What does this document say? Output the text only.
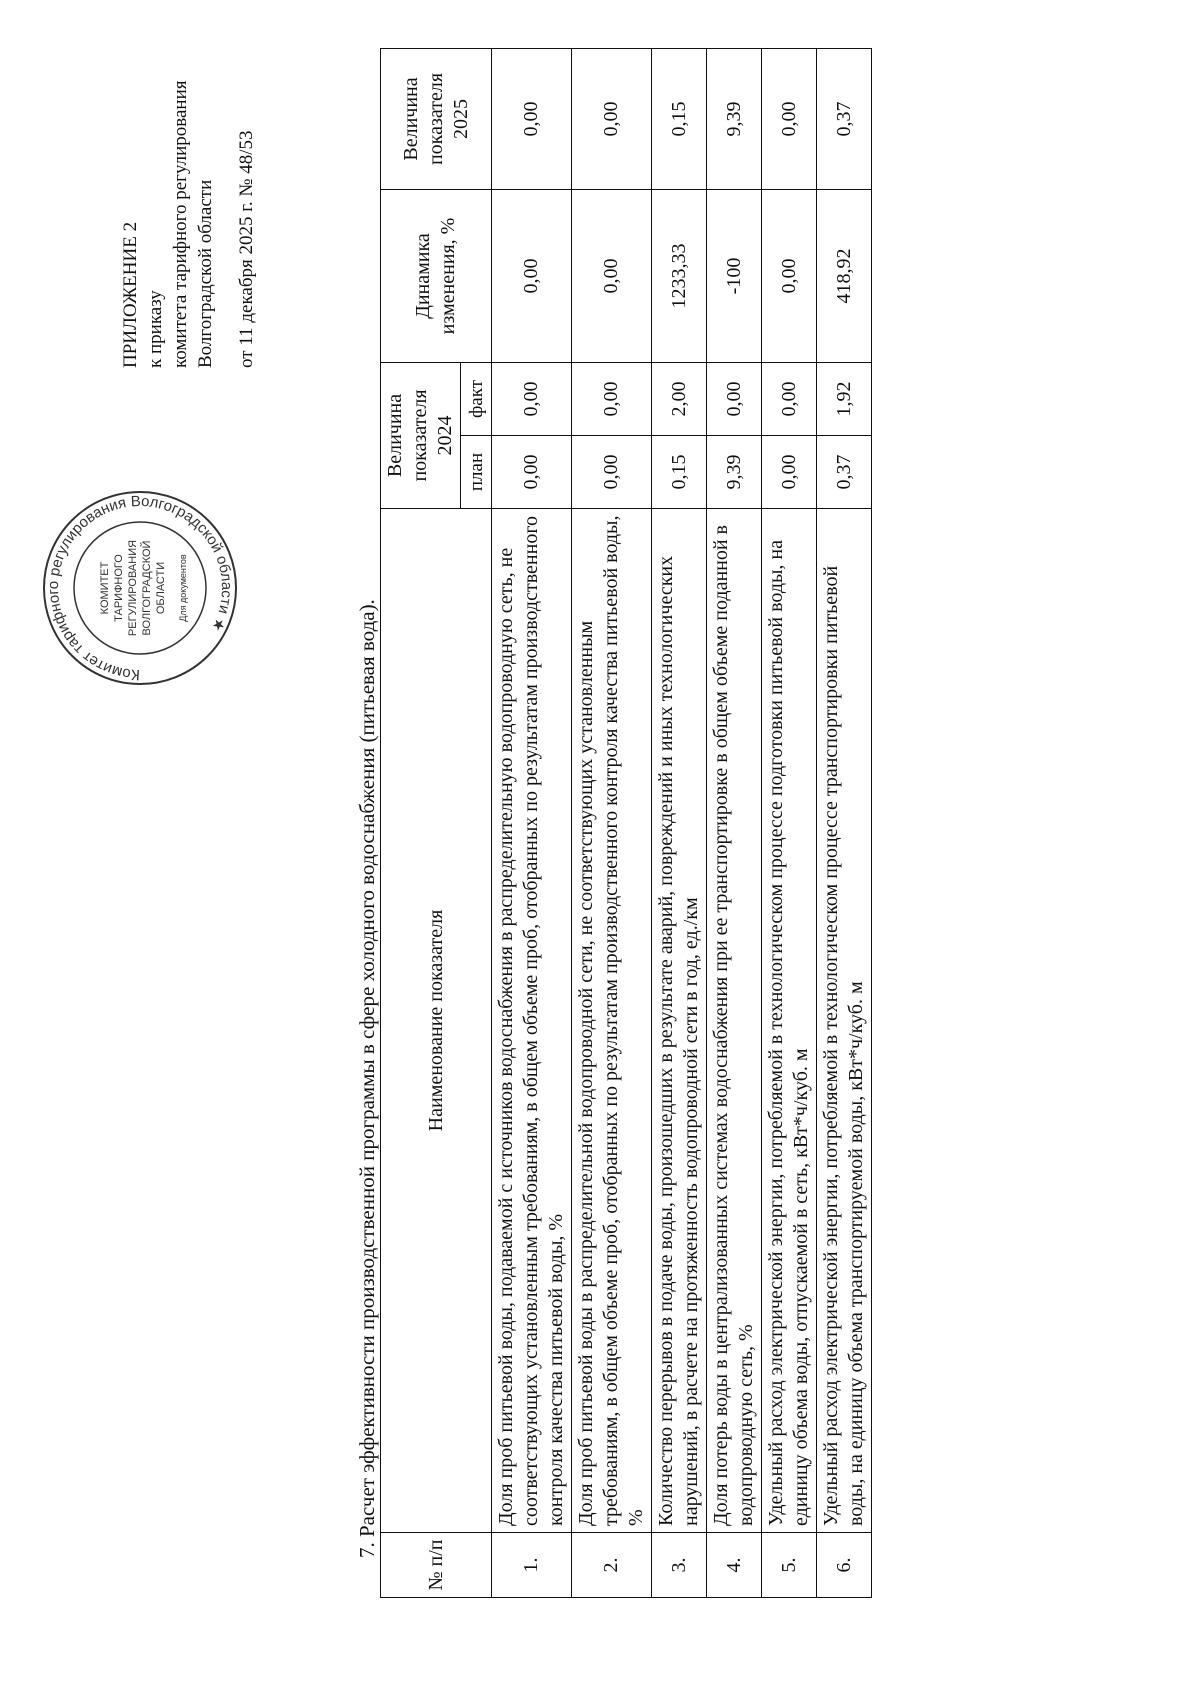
Комитет тарифного регулирования Волгоградской области ★
КОМИТЕТ ТАРИФНОГО РЕГУЛИРОВАНИЯ ВОЛГОГРАДСКОЙ ОБЛАСТИ Для документов
ПРИЛОЖЕНИЕ 2 к приказу комитета тарифного регулирования Волгоградской области от 11 декабря 2025 г. № 48/53
7. Расчет эффективности производственной программы в сфере холодного водоснабжения (питьевая вода).
№ п/п	Наименование показателя	Величина показателя 2024		Динамика изменения, %	Величина показателя 2025
		план	факт		
1.	Доля проб питьевой воды, подаваемой с источников водоснабжения в распределительную водопроводную сеть, не соответствующих установленным требованиям, в общем объеме проб, отобранных по результатам производственного контроля качества питьевой воды, %	0,00	0,00	0,00	0,00
2.	Доля проб питьевой воды в распределительной водопроводной сети, не соответствующих установленным требованиям, в общем объеме проб, отобранных по результатам производственного контроля качества питьевой воды, %	0,00	0,00	0,00	0,00
3.	Количество перерывов в подаче воды, произошедших в результате аварий, повреждений и иных технологических нарушений, в расчете на протяженность водопроводной сети в год, ед./км	0,15	2,00	1233,33	0,15
4.	Доля потерь воды в централизованных системах водоснабжения при ее транспортировке в общем объеме поданной в водопроводную сеть, %	9,39	0,00	-100	9,39
5.	Удельный расход электрической энергии, потребляемой в технологическом процессе подготовки питьевой воды, на единицу объема воды, отпускаемой в сеть, кВт*ч/куб. м	0,00	0,00	0,00	0,00
6.	Удельный расход электрической энергии, потребляемой в технологическом процессе транспортировки питьевой воды, на единицу объема транспортируемой воды, кВт*ч/куб. м	0,37	1,92	418,92	0,37
